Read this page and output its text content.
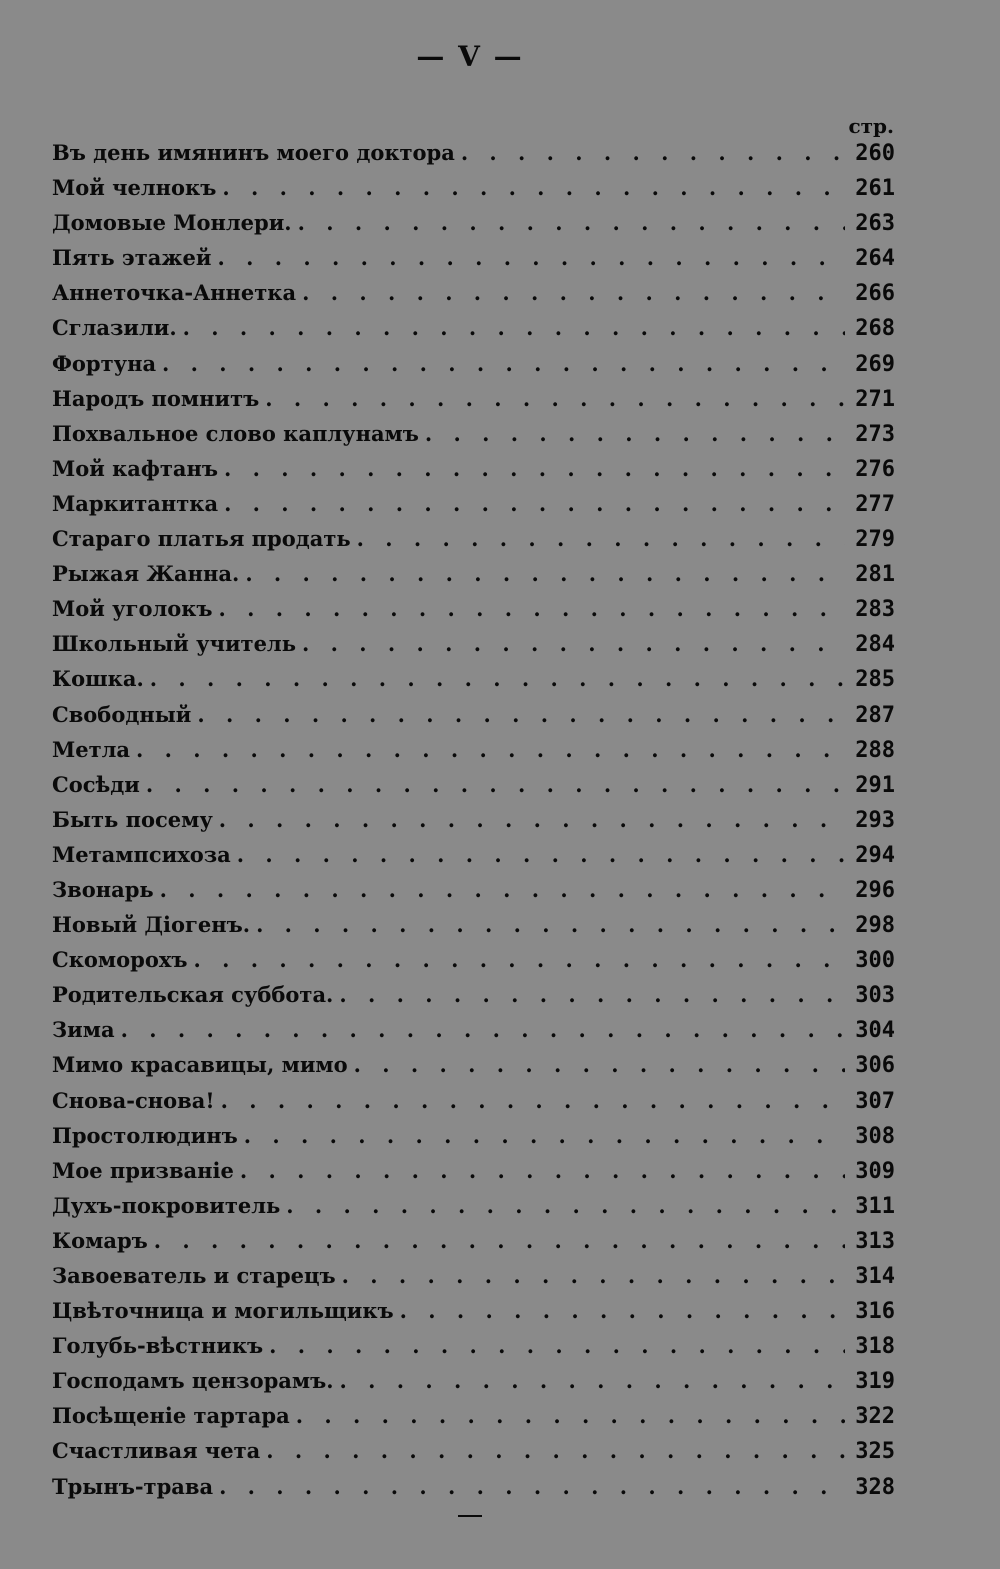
— V —
стр.
Въ день имянинъ моего доктора . . .	260
Мой челнокъ . . .	261
Домовые Монлери. . . .	263
Пять этажей . . .	264
Аннеточка-Аннетка . . .	266
Сглазили. . . .	268
Фортуна . . .	269
Народъ помнитъ . . .	271
Похвальное слово каплунамъ . . .	273
Мой кафтанъ . . .	276
Маркитантка . . .	277
Стараго платья продать . . .	279
Рыжая Жанна. . . .	281
Мой уголокъ . . .	283
Школьный учитель . . .	284
Кошка. . . .	285
Свободный . . .	287
Метла . . .	288
Сосѣди . . .	291
Быть посему . . .	293
Метампсихоза . . .	294
Звонарь . . .	296
Новый Діогенъ. . . .	298
Скоморохъ . . .	300
Родительская суббота. . . .	303
Зима . . .	304
Мимо красавицы, мимо . . .	306
Снова-снова! . . .	307
Простолюдинъ . . .	308
Мое призваніе . . .	309
Духъ-покровитель . . .	311
Комаръ . . .	313
Завоеватель и старецъ . . .	314
Цвѣточница и могильщикъ . . .	316
Голубь-вѣстникъ . . .	318
Господамъ цензорамъ. . . .	319
Посѣщеніе тартара . . .	322
Счастливая чета . . .	325
Трынъ-трава . . .	328
